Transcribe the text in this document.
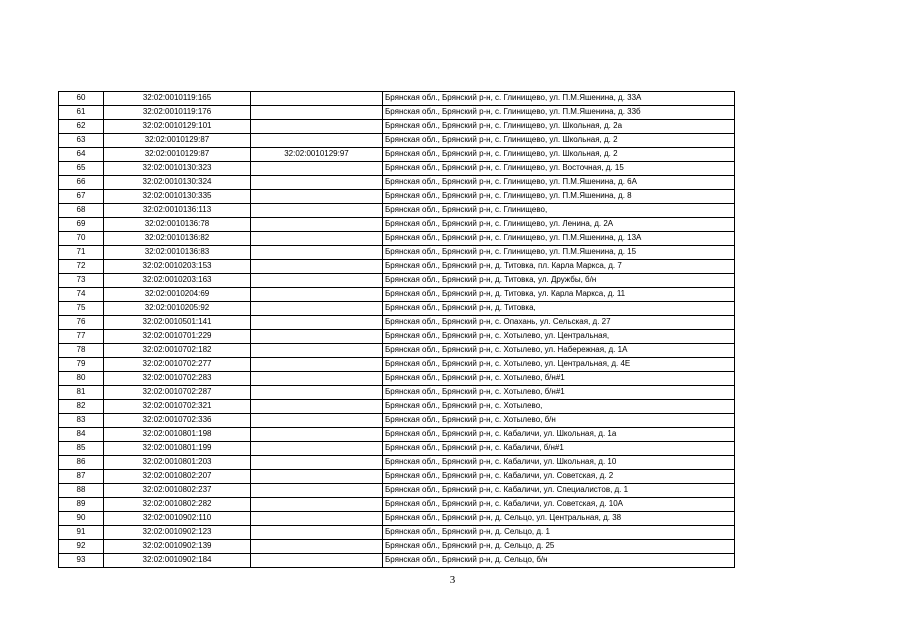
60	32:02:0010119:165		Брянская обл., Брянский р-н, с. Глинищево, ул. П.М.Яшенина, д. 33А
61	32:02:0010119:176		Брянская обл., Брянский р-н, с. Глинищево, ул. П.М.Яшенина, д. 33б
62	32:02:0010129:101		Брянская обл., Брянский р-н, с. Глинищево, ул. Школьная, д. 2а
63	32:02:0010129:87		Брянская обл., Брянский р-н, с. Глинищево, ул. Школьная, д. 2
64	32:02:0010129:87	32:02:0010129:97	Брянская обл., Брянский р-н, с. Глинищево, ул. Школьная, д. 2
65	32:02:0010130:323		Брянская обл., Брянский р-н, с. Глинищево, ул. Восточная, д. 15
66	32:02:0010130:324		Брянская обл., Брянский р-н, с. Глинищево, ул. П.М.Яшенина, д. 6А
67	32:02:0010130:335		Брянская обл., Брянский р-н, с. Глинищево, ул. П.М.Яшенина, д. 8
68	32:02:0010136:113		Брянская обл., Брянский р-н, с. Глинищево,
69	32:02:0010136:78		Брянская обл., Брянский р-н, с. Глинищево, ул. Ленина, д. 2А
70	32:02:0010136:82		Брянская обл., Брянский р-н, с. Глинищево, ул. П.М.Яшенина, д. 13А
71	32:02:0010136:83		Брянская обл., Брянский р-н, с. Глинищево, ул. П.М.Яшенина, д. 15
72	32:02:0010203:153		Брянская обл., Брянский р-н, д. Титовка, пл. Карла Маркса, д. 7
73	32:02:0010203:163		Брянская обл., Брянский р-н, д. Титовка, ул. Дружбы, б/н
74	32:02:0010204:69		Брянская обл., Брянский р-н, д. Титовка, ул. Карла Маркса, д. 11
75	32:02:0010205:92		Брянская обл., Брянский р-н, д. Титовка,
76	32:02:0010501:141		Брянская обл., Брянский р-н, с. Опахань, ул. Сельская, д. 27
77	32:02:0010701:229		Брянская обл., Брянский р-н, с. Хотылево, ул. Центральная,
78	32:02:0010702:182		Брянская обл., Брянский р-н, с. Хотылево, ул. Набережная, д. 1А
79	32:02:0010702:277		Брянская обл., Брянский р-н, с. Хотылево, ул. Центральная, д. 4Е
80	32:02:0010702:283		Брянская обл., Брянский р-н, с. Хотылево, б/н#1
81	32:02:0010702:287		Брянская обл., Брянский р-н, с. Хотылево, б/н#1
82	32:02:0010702:321		Брянская обл., Брянский р-н, с. Хотылево,
83	32:02:0010702:336		Брянская обл., Брянский р-н, с. Хотылево, б/н
84	32:02:0010801:198		Брянская обл., Брянский р-н, с. Кабаличи, ул. Школьная, д. 1а
85	32:02:0010801:199		Брянская обл., Брянский р-н, с. Кабаличи, б/н#1
86	32:02:0010801:203		Брянская обл., Брянский р-н, с. Кабаличи, ул. Школьная, д. 10
87	32:02:0010802:207		Брянская обл., Брянский р-н, с. Кабаличи, ул. Советская, д. 2
88	32:02:0010802:237		Брянская обл., Брянский р-н, с. Кабаличи, ул. Специалистов, д. 1
89	32:02:0010802:282		Брянская обл., Брянский р-н, с. Кабаличи, ул. Советская, д. 10А
90	32:02:0010902:110		Брянская обл., Брянский р-н, д. Сельцо, ул. Центральная, д. 38
91	32:02:0010902:123		Брянская обл., Брянский р-н, д. Сельцо, д. 1
92	32:02:0010902:139		Брянская обл., Брянский р-н, д. Сельцо, д. 25
93	32:02:0010902:184		Брянская обл., Брянский р-н, д. Сельцо, б/н
3
